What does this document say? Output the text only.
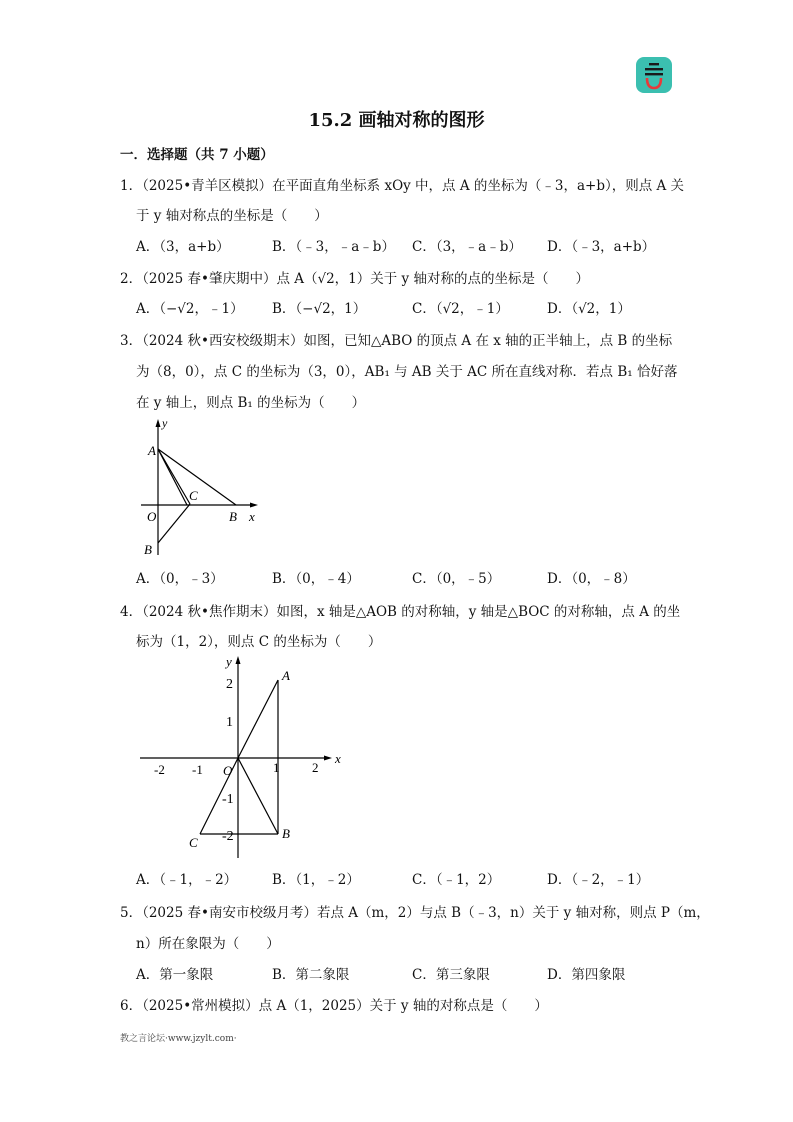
15.2 画轴对称的图形
一．选择题（共 7 小题）
1．（2025•青羊区模拟）在平面直角坐标系 xOy 中，点 A 的坐标为（﹣3，a+b），则点 A 关
于 y 轴对称点的坐标是（　　）
A．（3，a+b）	B．（﹣3，﹣a﹣b） C．（3，﹣a﹣b） D．（﹣3，a+b）
2．（2025 春•肇庆期中）点 A（√2，1）关于 y 轴对称的点的坐标是（　　）
A．（−√2，﹣1） B．（−√2，1）	C．（√2，﹣1）	D．（√2，1）
3．（2024 秋•西安校级期末）如图，已知△ABO 的顶点 A 在 x 轴的正半轴上，点 B 的坐标
为（8，0），点 C 的坐标为（3，0），AB₁ 与 AB 关于 AC 所在直线对称．若点 B₁ 恰好落
在 y 轴上，则点 B₁ 的坐标为（　　）
y
A
C
O	B x
B
A．（0，﹣3）	B．（0，﹣4）	C．（0，﹣5）	D．（0，﹣8）
4．（2024 秋•焦作期末）如图，x 轴是△AOB 的对称轴，y 轴是△BOC 的对称轴，点 A 的坐
标为（1，2），则点 C 的坐标为（　　）
y
A
2
1
-2 -1 O	1	2
x
-1
-2	B
C
A．（﹣1，﹣2）	B．（1，﹣2）	C．（﹣1，2）	D．（﹣2，﹣1）
5．（2025 春•南安市校级月考）若点 A（m，2）与点 B（﹣3，n）关于 y 轴对称，则点 P（m，
n）所在象限为（　　）
A．第一象限	B．第二象限	C．第三象限	D．第四象限
6．（2025•常州模拟）点 A（1，2025）关于 y 轴的对称点是（　　）
教之言论坛·www.jzylt.com·
